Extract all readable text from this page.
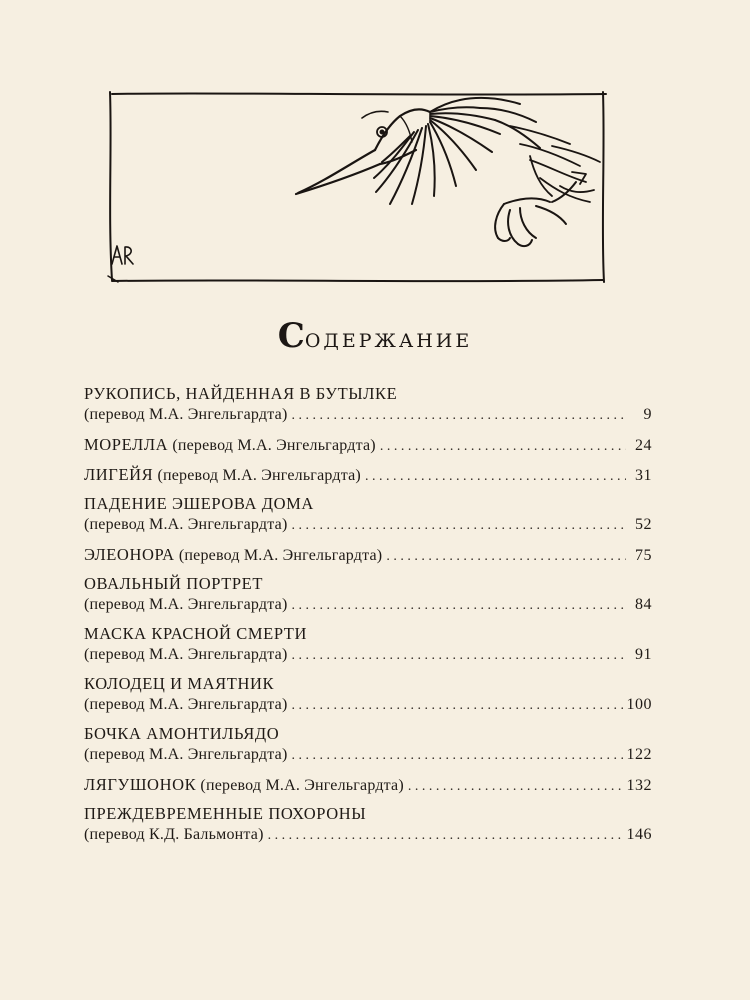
Содержание
РУКОПИСЬ, НАЙДЕННАЯ В БУТЫЛКЕ
(перевод М.А. Энгельгардта) . . .	9
МОРЕЛЛА (перевод М.А. Энгельгардта) . . .	24
ЛИГЕЙЯ (перевод М.А. Энгельгардта) . . .	31
ПАДЕНИЕ ЭШЕРОВА ДОМА
(перевод М.А. Энгельгардта) . . .	52
ЭЛЕОНОРА (перевод М.А. Энгельгардта) . . .	75
ОВАЛЬНЫЙ ПОРТРЕТ
(перевод М.А. Энгельгардта) . . .	84
МАСКА КРАСНОЙ СМЕРТИ
(перевод М.А. Энгельгардта) . . .	91
КОЛОДЕЦ И МАЯТНИК
(перевод М.А. Энгельгардта) . . .	100
БОЧКА АМОНТИЛЬЯДО
(перевод М.А. Энгельгардта) . . .	122
ЛЯГУШОНОК (перевод М.А. Энгельгардта) . . .	132
ПРЕЖДЕВРЕМЕННЫЕ ПОХОРОНЫ
(перевод К.Д. Бальмонта) . . .	146
